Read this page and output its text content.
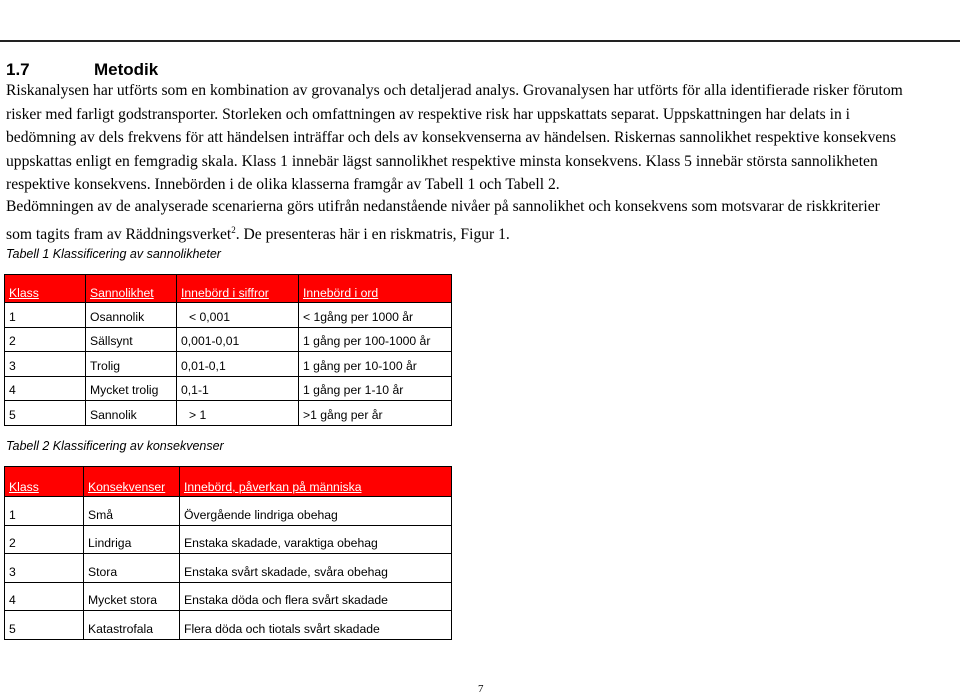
1.7	Metodik
Riskanalysen har utförts som en kombination av grovanalys och detaljerad analys. Grovanalysen har utförts för alla identifierade risker förutom
risker med farligt godstransporter. Storleken och omfattningen av respektive risk har uppskattats separat. Uppskattningen har delats in i
bedömning av dels frekvens för att händelsen inträffar och dels av konsekvenserna av händelsen. Riskernas sannolikhet respektive konsekvens
uppskattas enligt en femgradig skala. Klass 1 innebär lägst sannolikhet respektive minsta konsekvens. Klass 5 innebär största sannolikheten
respektive konsekvens. Innebörden i de olika klasserna framgår av Tabell 1 och Tabell 2.
Bedömningen av de analyserade scenarierna görs utifrån nedanstående nivåer på sannolikhet och konsekvens som motsvarar de riskkriterier
som tagits fram av Räddningsverket$^2$. De presenteras här i en riskmatris, Figur 1.
Tabell 1 Klassificering av sannolikheter
Klass	Sannolikhet	Innebörd i siffror	Innebörd i ord
1	Osannolik	< 0,001	< 1gång per 1000 år
2	Sällsynt	0,001-0,01	1 gång per 100-1000 år
3	Trolig	0,01-0,1	1 gång per 10-100 år
4	Mycket trolig	0,1-1	1 gång per 1-10 år
5	Sannolik	> 1	>1 gång per år
Tabell 2 Klassificering av konsekvenser
Klass	Konsekvenser	Innebörd, påverkan på människa
1	Små	Övergående lindriga obehag
2	Lindriga	Enstaka skadade, varaktiga obehag
3	Stora	Enstaka svårt skadade, svåra obehag
4	Mycket stora	Enstaka döda och flera svårt skadade
5	Katastrofala	Flera döda och tiotals svårt skadade
7
